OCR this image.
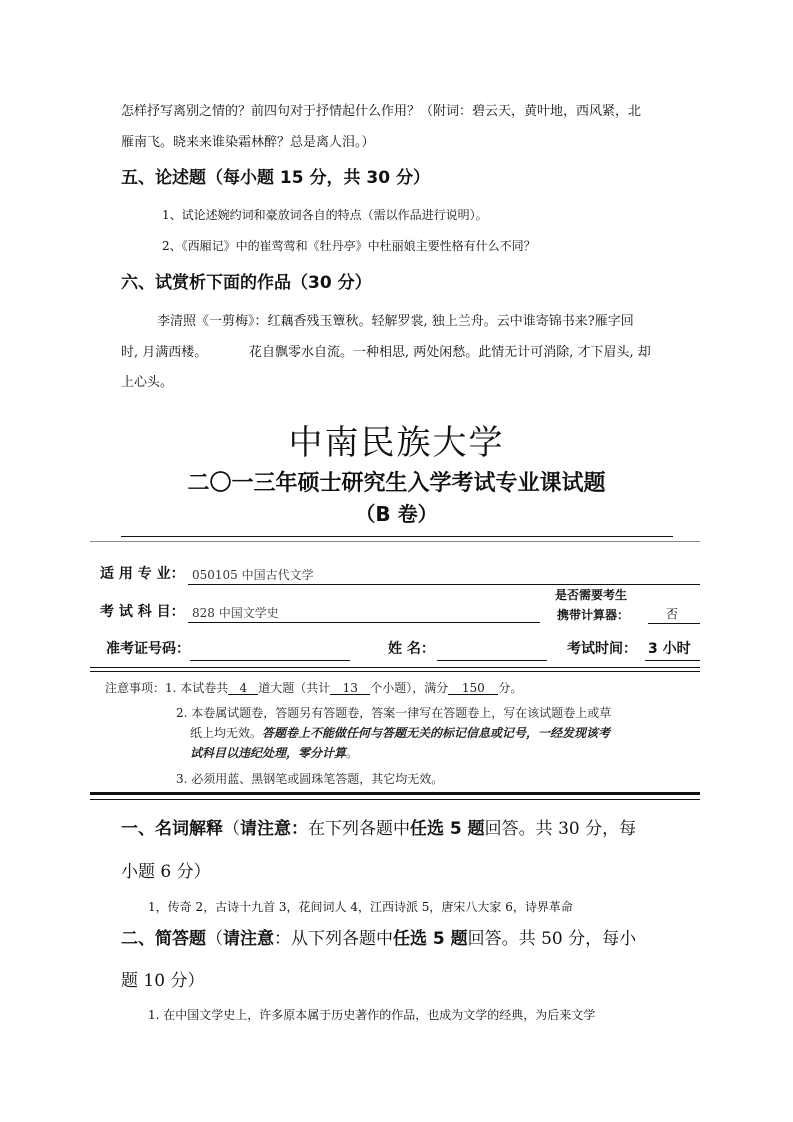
怎样抒写离别之情的？前四句对于抒情起什么作用？（附词：碧云天，黄叶地，西风紧，北
雁南飞。晓来来谁染霜林醉？总是离人泪。）
五、论述题（每小题 15 分，共 30 分）
1、试论述婉约词和豪放词各自的特点（需以作品进行说明）。
2、《西厢记》中的崔莺莺和《牡丹亭》中杜丽娘主要性格有什么不同？
六、试赏析下面的作品（30 分）
李清照《一剪梅》：红藕香残玉簟秋。轻解罗裳, 独上兰舟。云中谁寄锦书来?雁字回
时, 月满西楼。	花自飘零水自流。一种相思, 两处闲愁。此情无计可消除, 才下眉头, 却
上心头。
中南民族大学
二〇一三年硕士研究生入学考试专业课试题
（B 卷）
适 用 专 业： 050105 中国古代文学
是否需要考生
考 试 科 目： 828 中国文学史	携带计算器：	否
准考证号码：	姓 名：	考试时间： 3 小时
注意事项：1. 本试卷共 4 道大题（共计 13 个小题），满分 150 分。
2. 本卷属试题卷，答题另有答题卷，答案一律写在答题卷上，写在该试题卷上或草
纸上均无效。答题卷上不能做任何与答题无关的标记信息或记号，一经发现该考
试科目以违纪处理，零分计算。
3. 必须用蓝、黑钢笔或圆珠笔答题，其它均无效。
一、名词解释（请注意：在下列各题中任选 5 题回答。共 30 分，每
小题 6 分）
1，传奇 2，古诗十九首 3，花间词人 4，江西诗派 5，唐宋八大家 6，诗界革命
二、简答题（请注意：从下列各题中任选 5 题回答。共 50 分，每小
题 10 分）
1. 在中国文学史上，许多原本属于历史著作的作品，也成为文学的经典，为后来文学
